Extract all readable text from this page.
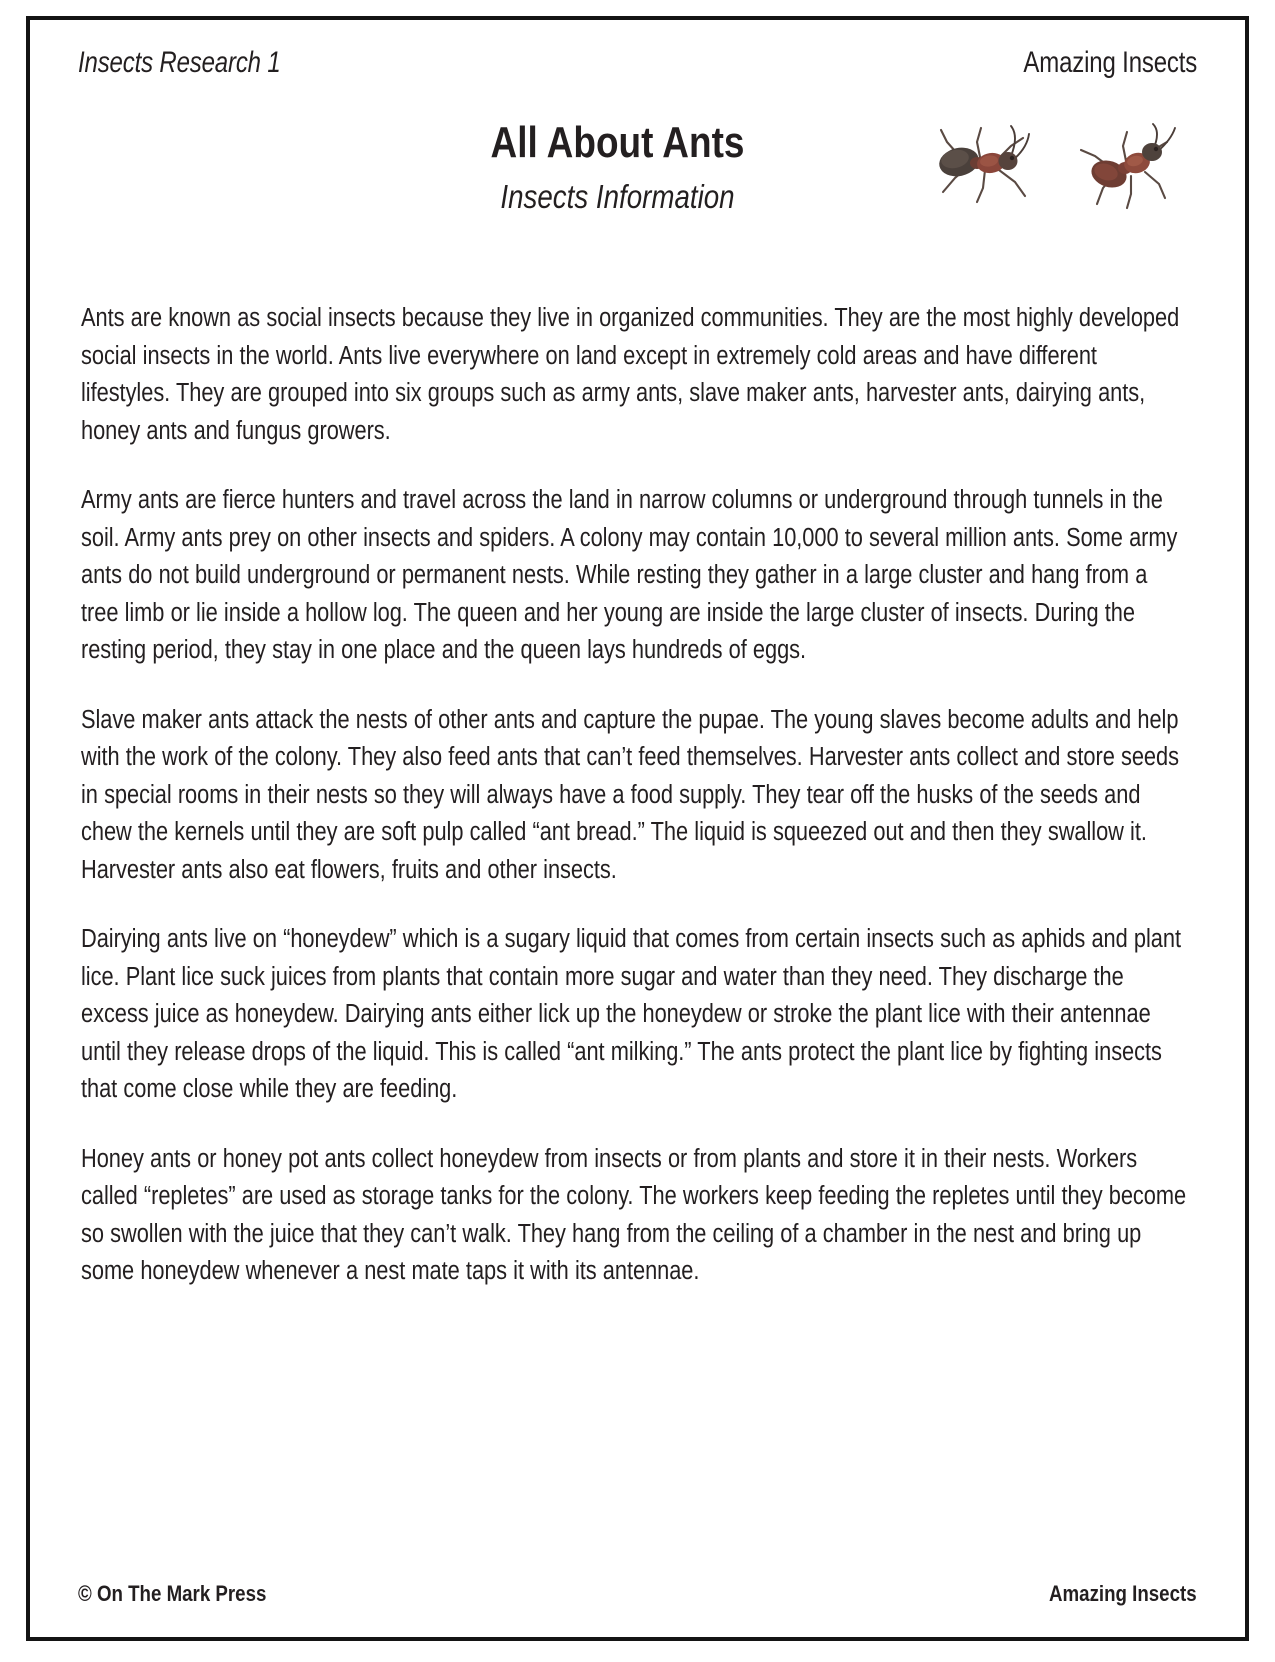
Insects Research 1	Amazing Insects
All About Ants
Insects Information

Ants are known as social insects because they live in organized communities. They are the most highly developed social insects in the world. Ants live everywhere on land except in extremely cold areas and have different lifestyles. They are grouped into six groups such as army ants, slave maker ants, harvester ants, dairying ants, honey ants and fungus growers.

Army ants are fierce hunters and travel across the land in narrow columns or underground through tunnels in the soil. Army ants prey on other insects and spiders. A colony may contain 10,000 to several million ants. Some army ants do not build underground or permanent nests. While resting they gather in a large cluster and hang from a tree limb or lie inside a hollow log. The queen and her young are inside the large cluster of insects. During the resting period, they stay in one place and the queen lays hundreds of eggs.

Slave maker ants attack the nests of other ants and capture the pupae. The young slaves become adults and help with the work of the colony. They also feed ants that can’t feed themselves. Harvester ants collect and store seeds in special rooms in their nests so they will always have a food supply. They tear off the husks of the seeds and chew the kernels until they are soft pulp called “ant bread.” The liquid is squeezed out and then they swallow it. Harvester ants also eat flowers, fruits and other insects.

Dairying ants live on “honeydew” which is a sugary liquid that comes from certain insects such as aphids and plant lice. Plant lice suck juices from plants that contain more sugar and water than they need. They discharge the excess juice as honeydew. Dairying ants either lick up the honeydew or stroke the plant lice with their antennae until they release drops of the liquid. This is called “ant milking.” The ants protect the plant lice by fighting insects that come close while they are feeding.

Honey ants or honey pot ants collect honeydew from insects or from plants and store it in their nests. Workers called “repletes” are used as storage tanks for the colony. The workers keep feeding the repletes until they become so swollen with the juice that they can’t walk. They hang from the ceiling of a chamber in the nest and bring up some honeydew whenever a nest mate taps it with its antennae.

© On The Mark Press	Amazing Insects
